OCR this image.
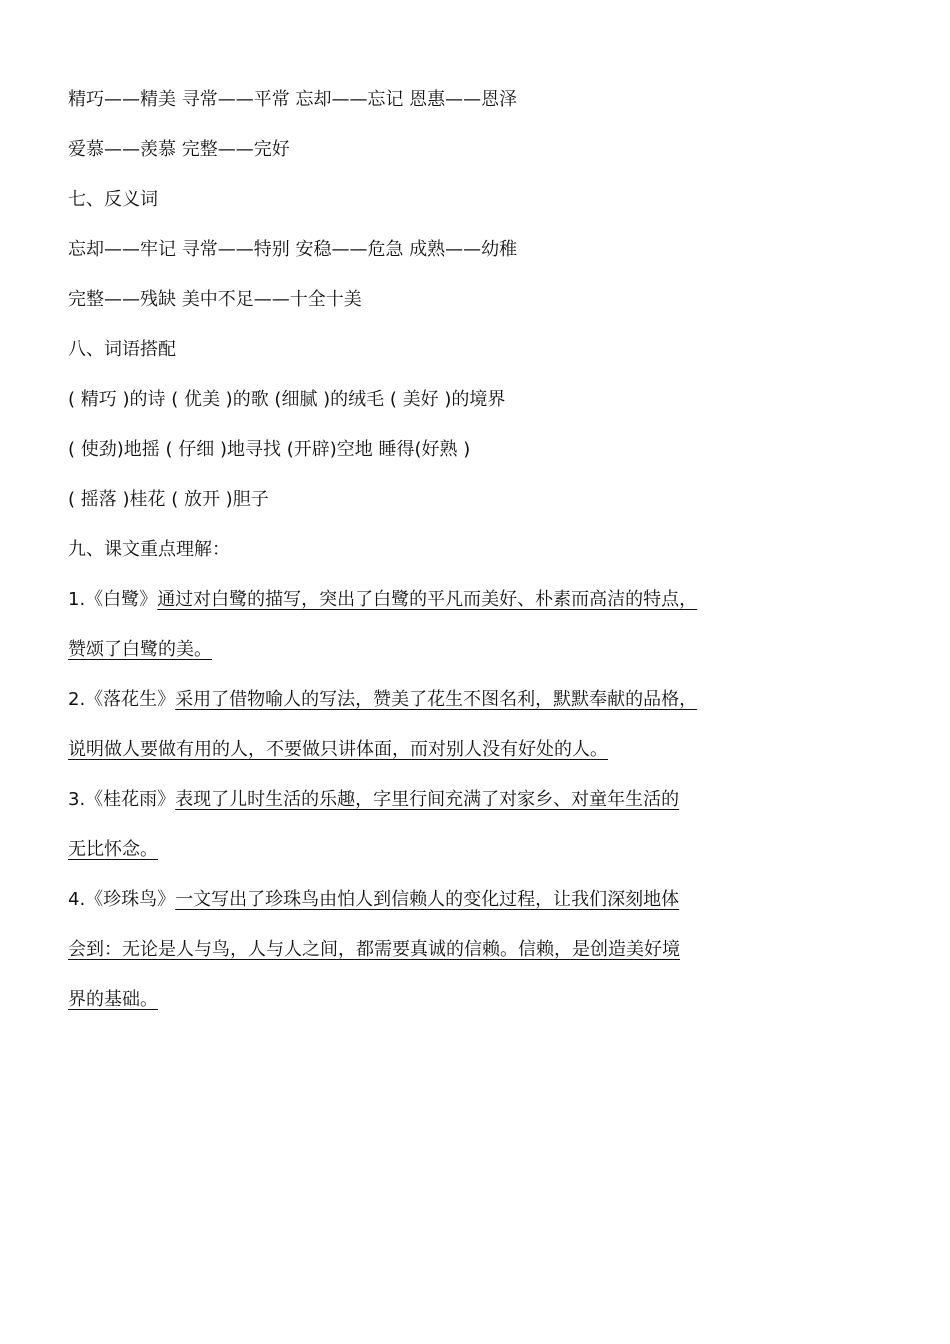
精巧——精美 寻常——平常 忘却——忘记 恩惠——恩泽
爱慕——羡慕 完整——完好
七、反义词
忘却——牢记 寻常——特别 安稳——危急 成熟——幼稚
完整——残缺 美中不足——十全十美
八、词语搭配
( 精巧 )的诗 ( 优美 )的歌 (细腻 )的绒毛 ( 美好 )的境界
( 使劲)地摇 ( 仔细 )地寻找 (开辟)空地 睡得(好熟 )
( 摇落 )桂花 ( 放开 )胆子
九、课文重点理解：
1.《白鹭》通过对白鹭的描写，突出了白鹭的平凡而美好、朴素而高洁的特点，
赞颂了白鹭的美。
2.《落花生》采用了借物喻人的写法，赞美了花生不图名利，默默奉献的品格，
说明做人要做有用的人，不要做只讲体面，而对别人没有好处的人。
3.《桂花雨》表现了儿时生活的乐趣，字里行间充满了对家乡、对童年生活的
无比怀念。
4.《珍珠鸟》一文写出了珍珠鸟由怕人到信赖人的变化过程，让我们深刻地体
会到：无论是人与鸟，人与人之间，都需要真诚的信赖。信赖，是创造美好境
界的基础。
